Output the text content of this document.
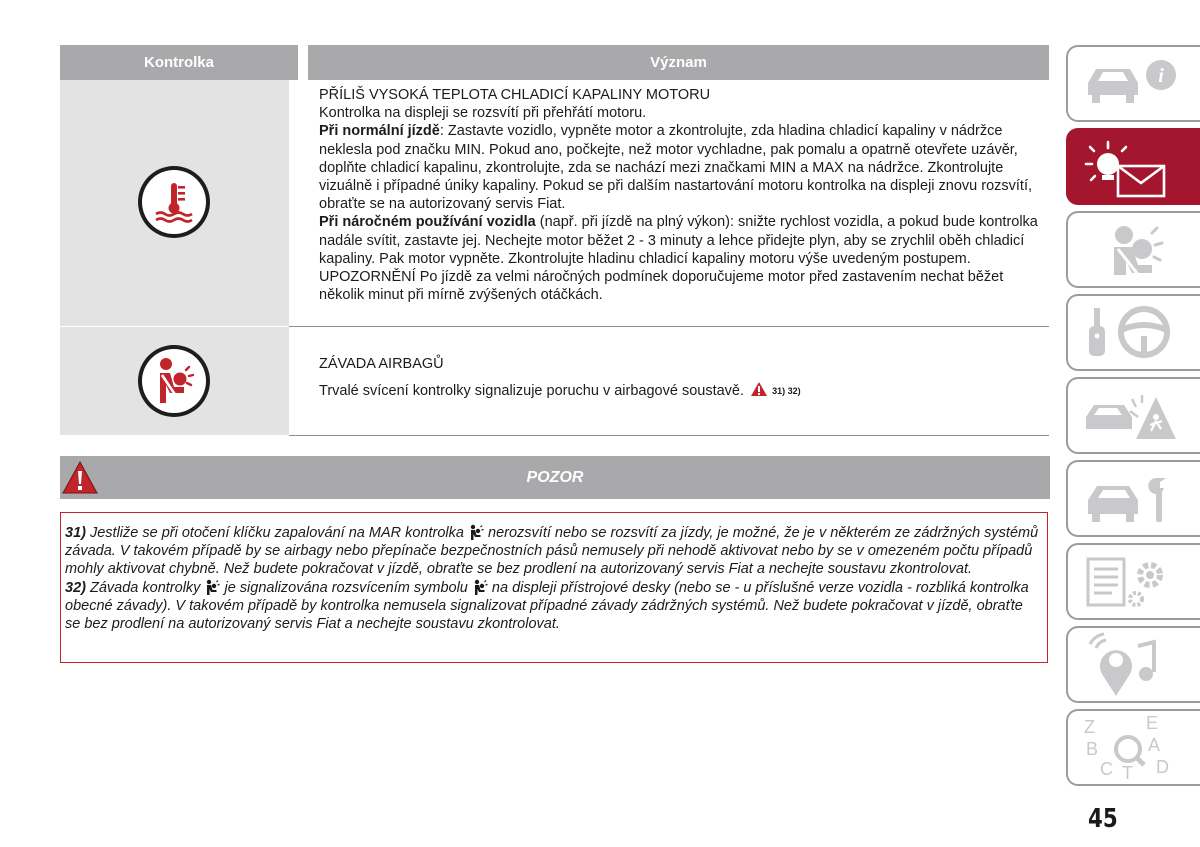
Kontrolka	Význam
PŘÍLIŠ VYSOKÁ TEPLOTA CHLADICÍ KAPALINY MOTORU
Kontrolka na displeji se rozsvítí při přehřátí motoru.
Při normální jízdě: Zastavte vozidlo, vypněte motor a zkontrolujte, zda hladina chladicí kapaliny v nádržce neklesla pod značku MIN. Pokud ano, počkejte, než motor vychladne, pak pomalu a opatrně otevřete uzávěr, doplňte chladicí kapalinu, zkontrolujte, zda se nachází mezi značkami MIN a MAX na nádržce. Zkontrolujte vizuálně i případné úniky kapaliny. Pokud se při dalším nastartování motoru kontrolka na displeji znovu rozsvítí, obraťte se na autorizovaný servis Fiat.
Při náročném používání vozidla (např. při jízdě na plný výkon): snižte rychlost vozidla, a pokud bude kontrolka nadále svítit, zastavte jej. Nechejte motor běžet 2 - 3 minuty a lehce přidejte plyn, aby se zrychlil oběh chladicí kapaliny. Pak motor vypněte. Zkontrolujte hladinu chladicí kapaliny motoru výše uvedeným postupem.
UPOZORNĚNÍ Po jízdě za velmi náročných podmínek doporučujeme motor před zastavením nechat běžet několik minut při mírně zvýšených otáčkách.
ZÁVADA AIRBAGŮ
Trvalé svícení kontrolky signalizuje poruchu v airbagové soustavě.	31) 32)
POZOR
31) Jestliže se při otočení klíčku zapalování na MAR kontrolka  nerozsvítí nebo se rozsvítí za jízdy, je možné, že je v některém ze zádržných systémů závada. V takovém případě by se airbagy nebo přepínače bezpečnostních pásů nemusely při nehodě aktivovat nebo by se v omezeném počtu případů mohly aktivovat chybně. Než budete pokračovat v jízdě, obraťte se bez prodlení na autorizovaný servis Fiat a nechejte soustavu zkontrolovat.
32) Závada kontrolky  je signalizována rozsvícením symbolu  na displeji přístrojové desky (nebo se - u příslušné verze vozidla - rozbliká kontrolka obecné závady). V takovém případě by kontrolka nemusela signalizovat případné závady zádržných systémů. Než budete pokračovat v jízdě, obraťte se bez prodlení na autorizovaný servis Fiat a nechejte soustavu zkontrolovat.
i
Z	E
B	A
C T D
45
